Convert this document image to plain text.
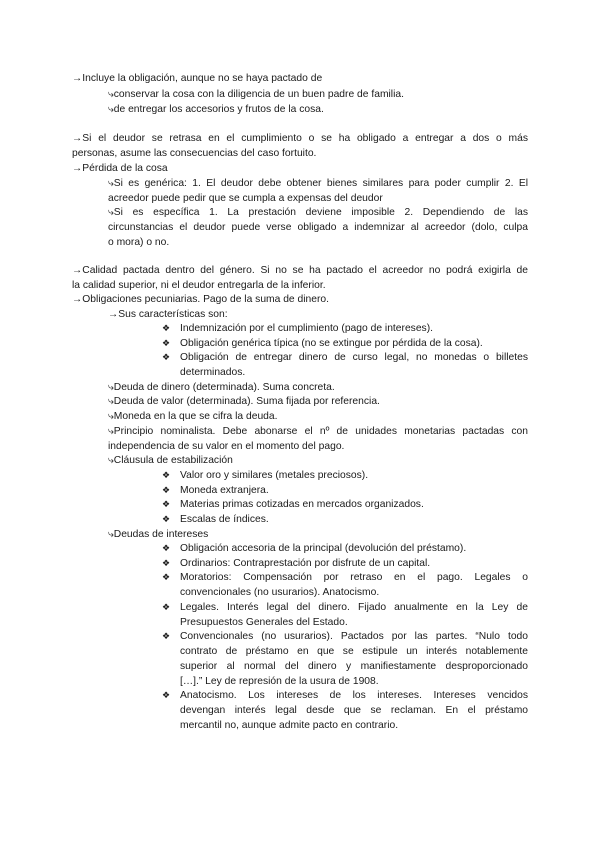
→Incluye la obligación, aunque no se haya pactado de
⤷conservar la cosa con la diligencia de un buen padre de familia.
⤷de entregar los accesorios y frutos de la cosa.
→Si el deudor se retrasa en el cumplimiento o se ha obligado a entregar a dos o más
personas, asume las consecuencias del caso fortuito.
→Pérdida de la cosa
⤷Si es genérica: 1. El deudor debe obtener bienes similares para poder cumplir 2. El
acreedor puede pedir que se cumpla a expensas del deudor
⤷Si es específica 1. La prestación deviene imposible 2. Dependiendo de las
circunstancias el deudor puede verse obligado a indemnizar al acreedor (dolo, culpa
o mora) o no.
→Calidad pactada dentro del género. Si no se ha pactado el acreedor no podrá exigirla de
la calidad superior, ni el deudor entregarla de la inferior.
→Obligaciones pecuniarias. Pago de la suma de dinero.
→Sus características son:
❖ Indemnización por el cumplimiento (pago de intereses).
❖ Obligación genérica típica (no se extingue por pérdida de la cosa).
❖ Obligación de entregar dinero de curso legal, no monedas o billetes
determinados.
⤷Deuda de dinero (determinada). Suma concreta.
⤷Deuda de valor (determinada). Suma fijada por referencia.
⤷Moneda en la que se cifra la deuda.
⤷Principio nominalista. Debe abonarse el nº de unidades monetarias pactadas con
independencia de su valor en el momento del pago.
⤷Cláusula de estabilización
❖ Valor oro y similares (metales preciosos).
❖ Moneda extranjera.
❖ Materias primas cotizadas en mercados organizados.
❖ Escalas de índices.
⤷Deudas de intereses
❖ Obligación accesoria de la principal (devolución del préstamo).
❖ Ordinarios: Contraprestación por disfrute de un capital.
❖ Moratorios: Compensación por retraso en el pago. Legales o
convencionales (no usurarios). Anatocismo.
❖ Legales. Interés legal del dinero. Fijado anualmente en la Ley de
Presupuestos Generales del Estado.
❖ Convencionales (no usurarios). Pactados por las partes. “Nulo todo
contrato de préstamo en que se estipule un interés notablemente
superior al normal del dinero y manifiestamente desproporcionado
[…].” Ley de represión de la usura de 1908.
❖ Anatocismo. Los intereses de los intereses. Intereses vencidos
devengan interés legal desde que se reclaman. En el préstamo
mercantil no, aunque admite pacto en contrario.
